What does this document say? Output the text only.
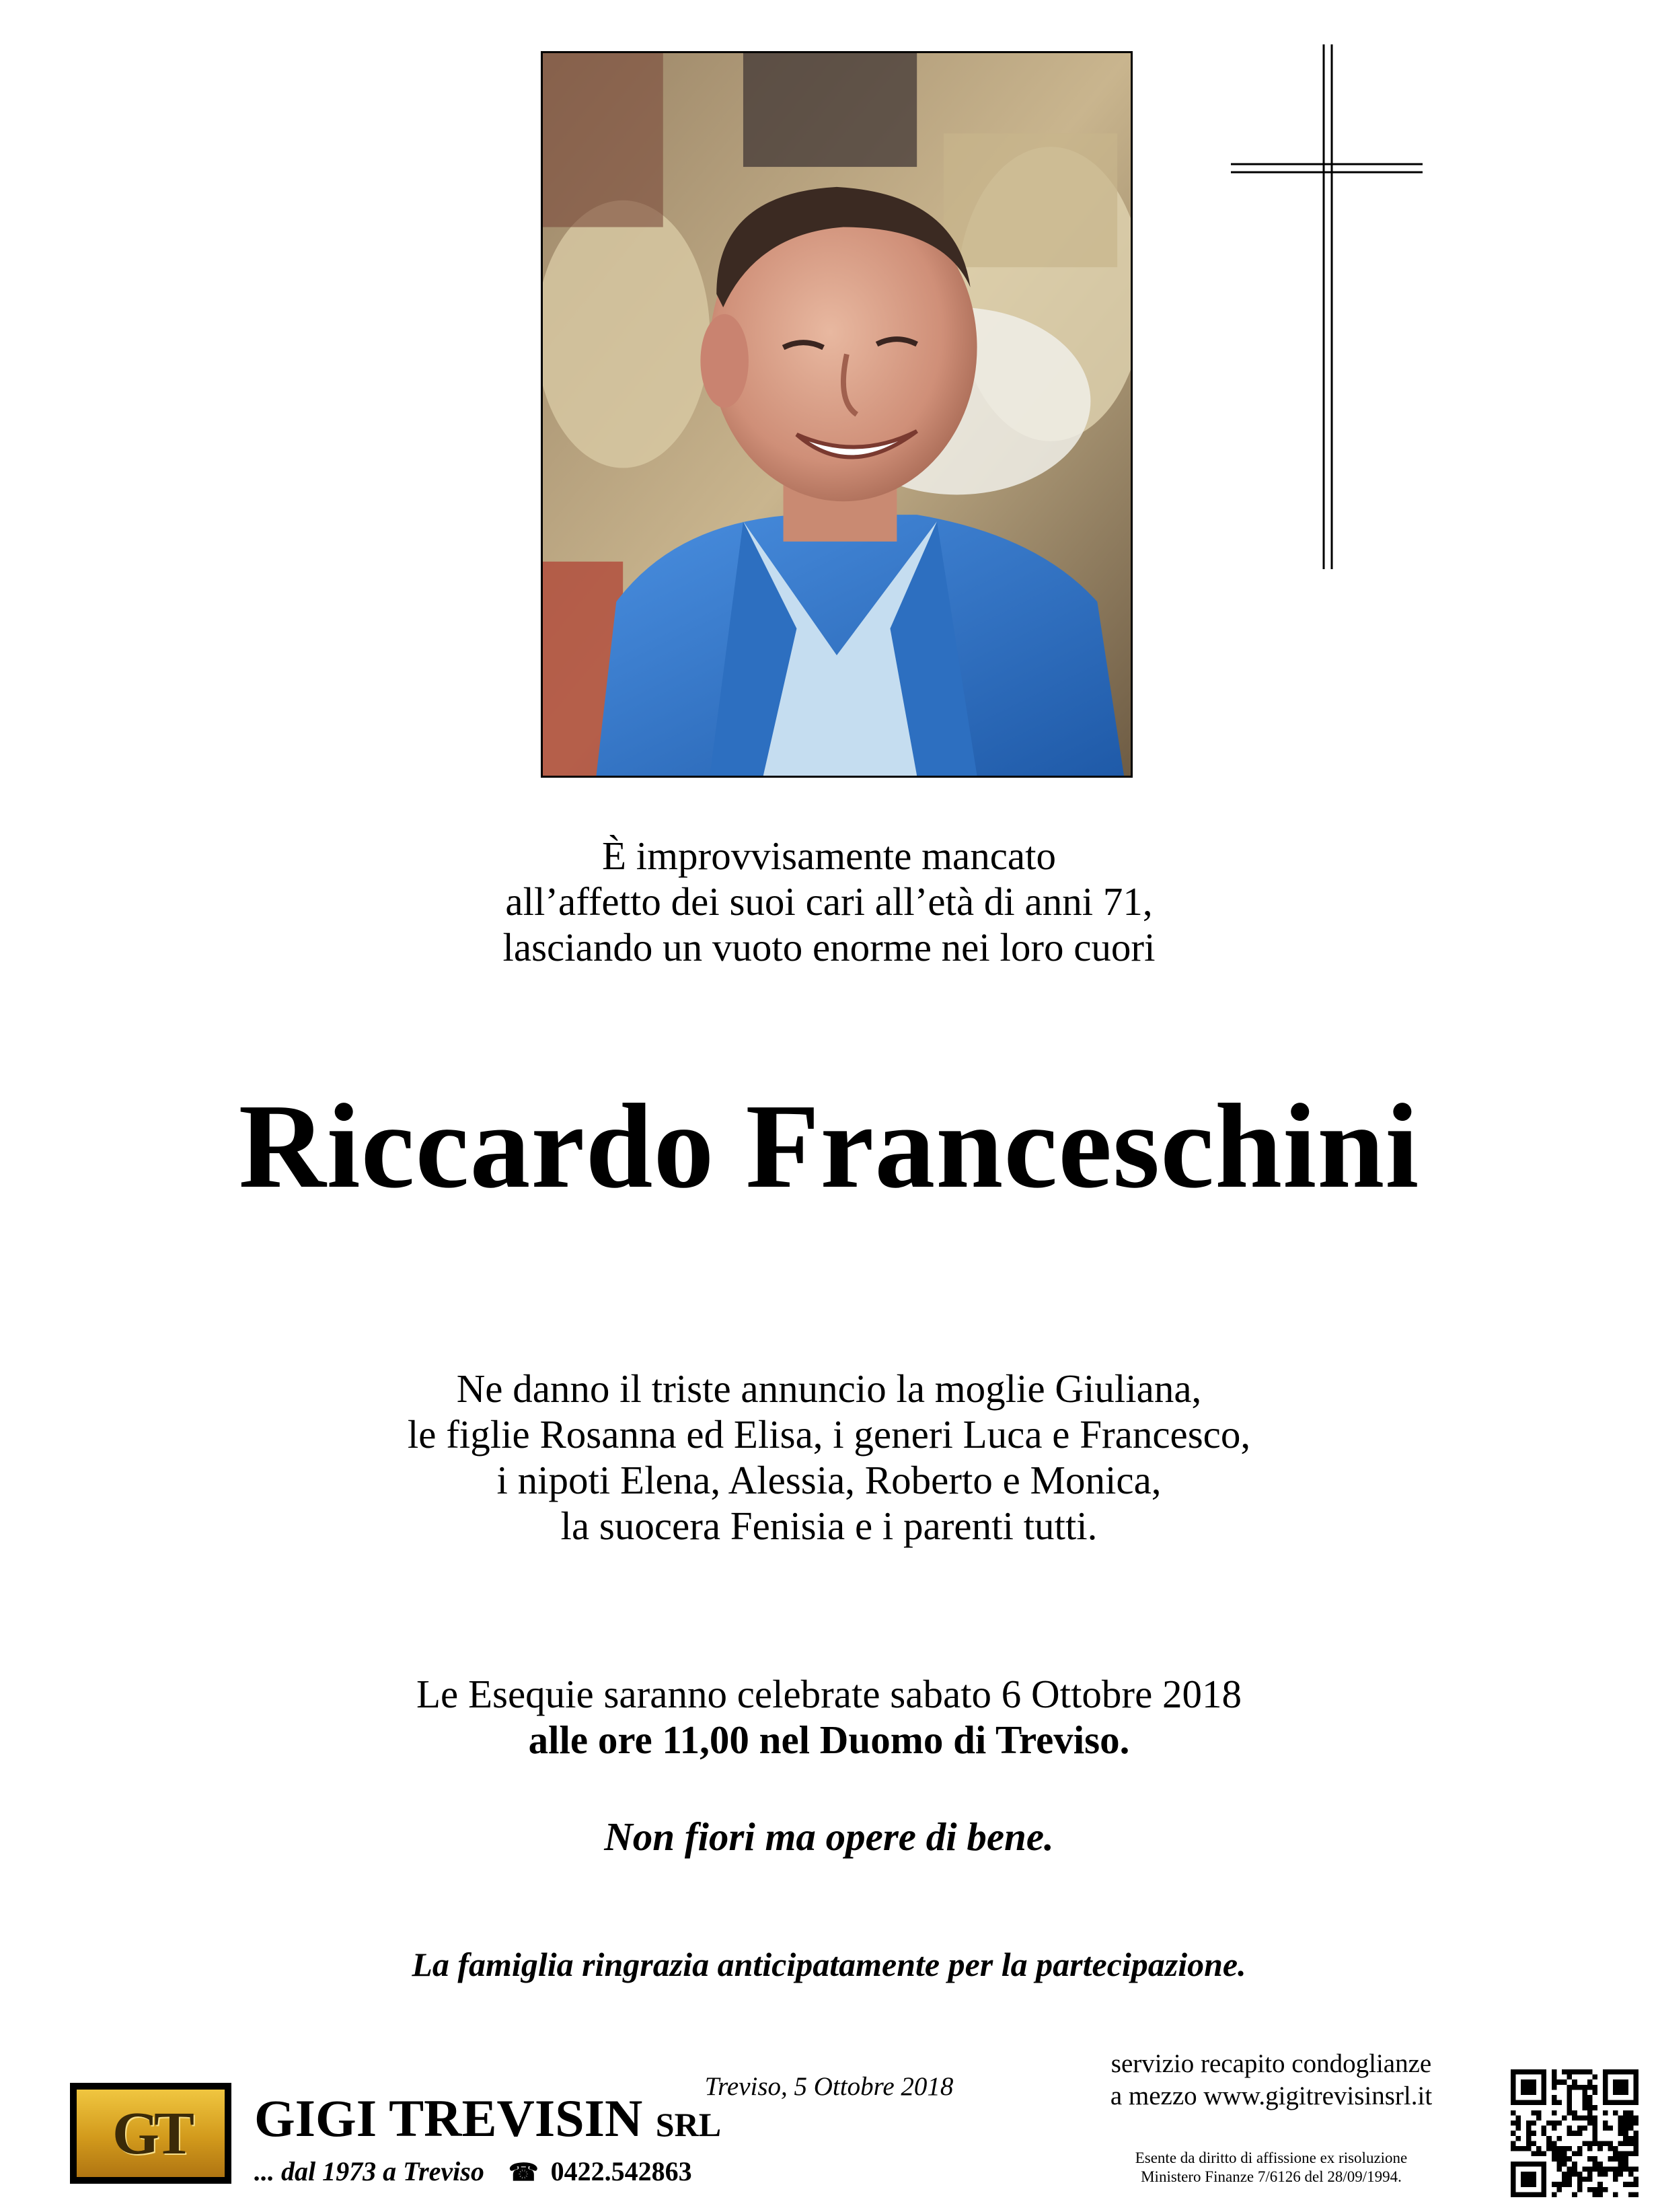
È improvvisamente mancato
all’affetto dei suoi cari all’età di anni 71,
lasciando un vuoto enorme nei loro cuori
Riccardo Franceschini
Ne danno il triste annuncio la moglie Giuliana,
le figlie Rosanna ed Elisa, i generi Luca e Francesco,
i nipoti Elena, Alessia, Roberto e Monica,
la suocera Fenisia e i parenti tutti.
Le Esequie saranno celebrate sabato 6 Ottobre 2018
alle ore 11,00 nel Duomo di Treviso.
Non fiori ma opere di bene.
La famiglia ringrazia anticipatamente per la partecipazione.
Treviso, 5 Ottobre 2018
GT GIGI TREVISIN SRL
... dal 1973 a Treviso ☎ 0422.542863
servizio recapito condoglianze
a mezzo www.gigitrevisinsrl.it
Esente da diritto di affissione ex risoluzione
Ministero Finanze 7/6126 del 28/09/1994.
